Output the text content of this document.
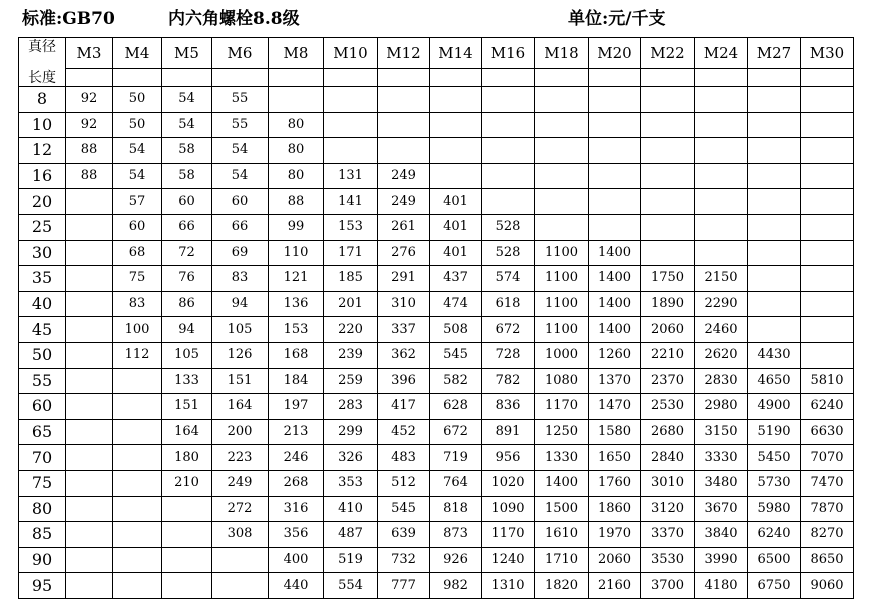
标准:GB70	内六角螺栓8.8级	单位:元/千支
真径
长度	M3	M4	M5	M6	M8	M10	M12	M14	M16	M18	M20	M22	M24	M27	M30

8	92	50	54	55											
10	92	50	54	55	80										
12	88	54	58	54	80										
16	88	54	58	54	80	131	249								
20		57	60	60	88	141	249	401							
25		60	66	66	99	153	261	401	528						
30		68	72	69	110	171	276	401	528	1100	1400				
35		75	76	83	121	185	291	437	574	1100	1400	1750	2150		
40		83	86	94	136	201	310	474	618	1100	1400	1890	2290		
45		100	94	105	153	220	337	508	672	1100	1400	2060	2460		
50		112	105	126	168	239	362	545	728	1000	1260	2210	2620	4430	
55			133	151	184	259	396	582	782	1080	1370	2370	2830	4650	5810
60			151	164	197	283	417	628	836	1170	1470	2530	2980	4900	6240
65			164	200	213	299	452	672	891	1250	1580	2680	3150	5190	6630
70			180	223	246	326	483	719	956	1330	1650	2840	3330	5450	7070
75			210	249	268	353	512	764	1020	1400	1760	3010	3480	5730	7470
80				272	316	410	545	818	1090	1500	1860	3120	3670	5980	7870
85				308	356	487	639	873	1170	1610	1970	3370	3840	6240	8270
90					400	519	732	926	1240	1710	2060	3530	3990	6500	8650
95					440	554	777	982	1310	1820	2160	3700	4180	6750	9060
